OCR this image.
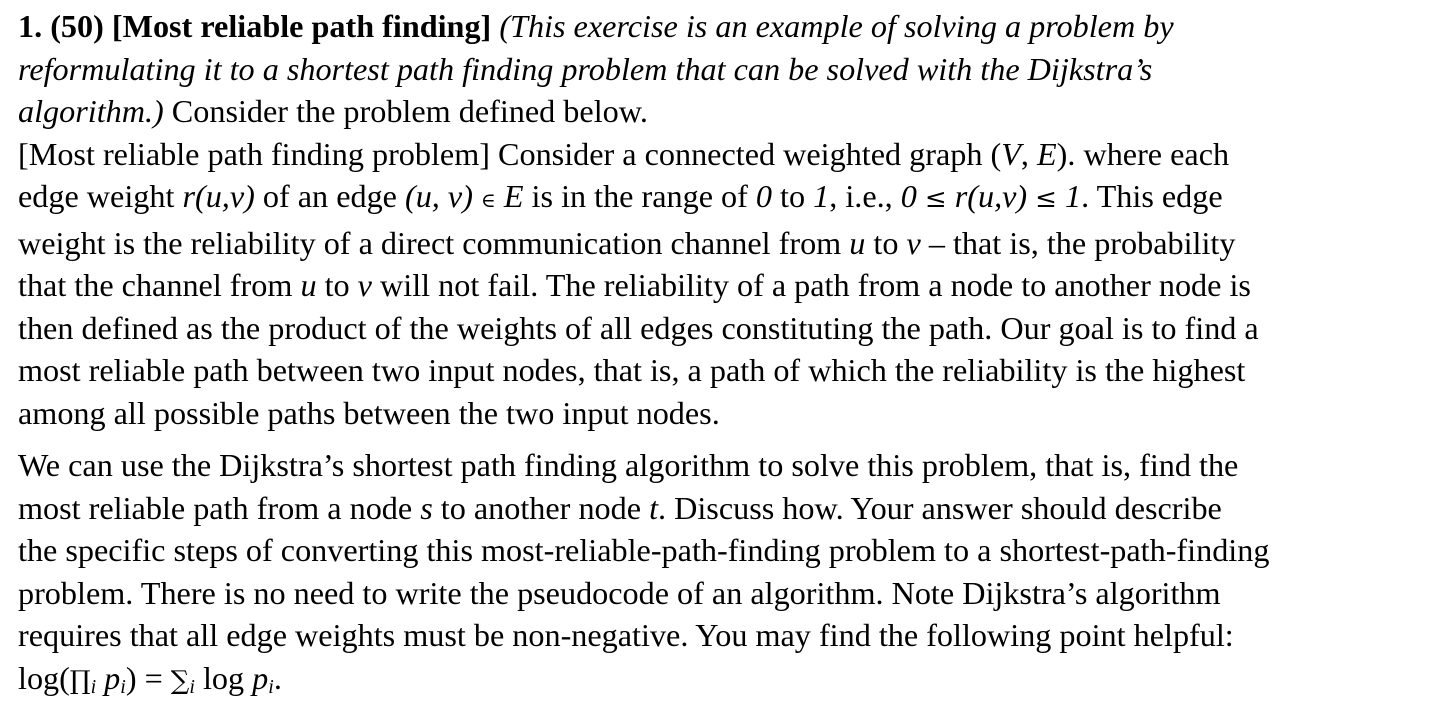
1. (50) [Most reliable path finding] (This exercise is an example of solving a problem by
reformulating it to a shortest path finding problem that can be solved with the Dijkstra’s
algorithm.) Consider the problem defined below.

[Most reliable path finding problem] Consider a connected weighted graph (V, E). where each
edge weight r(u,v) of an edge (u, v) ∈ E is in the range of 0 to 1, i.e., 0 ≤ r(u,v) ≤ 1. This edge
weight is the reliability of a direct communication channel from u to v – that is, the probability
that the channel from u to v will not fail. The reliability of a path from a node to another node is
then defined as the product of the weights of all edges constituting the path. Our goal is to find a
most reliable path between two input nodes, that is, a path of which the reliability is the highest
among all possible paths between the two input nodes.

We can use the Dijkstra’s shortest path finding algorithm to solve this problem, that is, find the
most reliable path from a node s to another node t. Discuss how. Your answer should describe
the specific steps of converting this most-reliable-path-finding problem to a shortest-path-finding
problem. There is no need to write the pseudocode of an algorithm. Note Dijkstra’s algorithm
requires that all edge weights must be non-negative. You may find the following point helpful:
$\log(\prod_i$ $p_i) = \sum_i$ $\log p_i$.
